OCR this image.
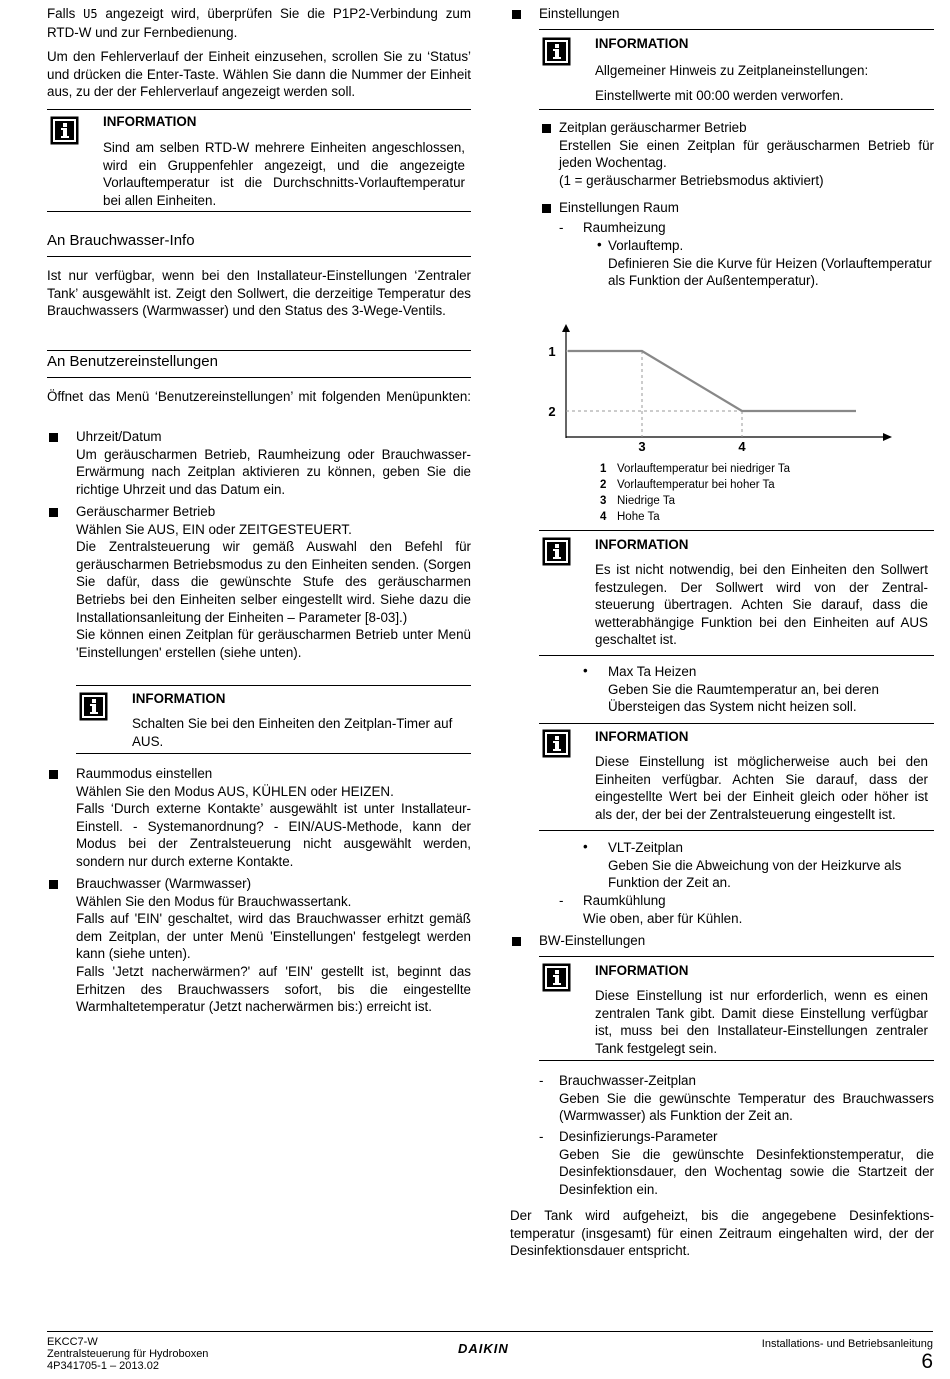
Falls U5 angezeigt wird, überprüfen Sie die P1P2-Verbindung zum RTD-W und zur Fernbedienung.

Um den Fehlerverlauf der Einheit einzusehen, scrollen Sie zu ‘Status’ und drücken die Enter-Taste. Wählen Sie dann die Nummer der Einheit aus, zu der der Fehlerverlauf angezeigt werden soll.

INFORMATION

Sind am selben RTD-W mehrere Einheiten angeschlossen, wird ein Gruppenfehler angezeigt, und die angezeigte Vorlauftemperatur ist die Durchschnitts-Vorlauftemperatur bei allen Einheiten.

An Brauchwasser-Info

Ist nur verfügbar, wenn bei den Installateur-Einstellungen ‘Zentraler Tank’ ausgewählt ist. Zeigt den Sollwert, die derzeitige Temperatur des Brauchwassers (Warmwasser) und den Status des 3-Wege-Ventils.

An Benutzereinstellungen

Öffnet das Menü ‘Benutzereinstellungen’ mit folgenden Menüpunkten:

Uhrzeit/Datum

Um geräuscharmen Betrieb, Raumheizung oder Brauchwasser-Erwärmung nach Zeitplan aktivieren zu können, geben Sie die richtige Uhrzeit und das Datum ein.

Geräuscharmer Betrieb
Wählen Sie AUS, EIN oder ZEITGESTEUERT.

Die Zentralsteuerung wir gemäß Auswahl den Befehl für geräuscharmen Betriebsmodus zu den Einheiten senden. (Sorgen Sie dafür, dass die gewünschte Stufe des geräuscharmen Betriebs bei den Einheiten selber eingestellt wird. Siehe dazu die Installationsanleitung der Einheiten – Parameter [8-03].)

Sie können einen Zeitplan für geräuscharmen Betrieb unter Menü 'Einstellungen' erstellen (siehe unten).

INFORMATION

Schalten Sie bei den Einheiten den Zeitplan-Timer auf AUS.

Raummodus einstellen
Wählen Sie den Modus AUS, KÜHLEN oder HEIZEN.

Falls ‘Durch externe Kontakte’ ausgewählt ist unter Installateur-Einstell. - Systemanordnung? - EIN/AUS-Methode, kann der Modus bei der Zentralsteuerung nicht ausgewählt werden, sondern nur durch externe Kontakte.

Brauchwasser (Warmwasser)
Wählen Sie den Modus für Brauchwassertank.

Falls auf 'EIN' geschaltet, wird das Brauchwasser erhitzt gemäß dem Zeitplan, der unter Menü 'Einstellungen' festgelegt werden kann (siehe unten).

Falls 'Jetzt nacherwärmen?' auf 'EIN' gestellt ist, beginnt das Erhitzen des Brauchwassers sofort, bis die eingestellte Warmhaltetemperatur (Jetzt nacherwärmen bis:) erreicht ist.

Einstellungen
INFORMATION
Allgemeiner Hinweis zu Zeitplaneinstellungen:
Einstellwerte mit 00:00 werden verworfen.
Zeitplan geräuscharmer Betrieb

Erstellen Sie einen Zeitplan für geräuscharmen Betrieb für jeden Wochentag.

(1 = geräuscharmer Betriebsmodus aktiviert)
Einstellungen Raum
- Raumheizung
• Vorlauftemp.

Definieren Sie die Kurve für Heizen (Vorlauftemperatur als Funktion der Außentemperatur).

1
2
3	4
1 Vorlauftemperatur bei niedriger Ta
2 Vorlauftemperatur bei hoher Ta
3 Niedrige Ta
4 Hohe Ta
INFORMATION

Es ist nicht notwendig, bei den Einheiten den Sollwert festzulegen. Der Sollwert wird von der Zentral-steuerung übertragen. Achten Sie darauf, dass die wetterabhängige Funktion bei den Einheiten auf AUS geschaltet ist.

• Max Ta Heizen

Geben Sie die Raumtemperatur an, bei deren Übersteigen das System nicht heizen soll.

INFORMATION

Diese Einstellung ist möglicherweise auch bei den Einheiten verfügbar. Achten Sie darauf, dass der eingestellte Wert bei der Einheit gleich oder höher ist als der, der bei der Zentralsteuerung eingestellt ist.

• VLT-Zeitplan

Geben Sie die Abweichung von der Heizkurve als Funktion der Zeit an.

- Raumkühlung
Wie oben, aber für Kühlen.
BW-Einstellungen
INFORMATION

Diese Einstellung ist nur erforderlich, wenn es einen zentralen Tank gibt. Damit diese Einstellung verfügbar ist, muss bei den Installateur-Einstellungen zentraler Tank festgelegt sein.

- Brauchwasser-Zeitplan

Geben Sie die gewünschte Temperatur des Brauchwassers (Warmwasser) als Funktion der Zeit an.

- Desinfizierungs-Parameter

Geben Sie die gewünschte Desinfektionstemperatur, die Desinfektionsdauer, den Wochentag sowie die Startzeit der Desinfektion ein.

Der Tank wird aufgeheizt, bis die angegebene Desinfektions-temperatur (insgesamt) für einen Zeitraum eingehalten wird, der der Desinfektionsdauer entspricht.

EKCC7-W
Zentralsteuerung für Hydroboxen
4P341705-1 – 2013.02
DAIKIN	Installations- und Betriebsanleitung
6
